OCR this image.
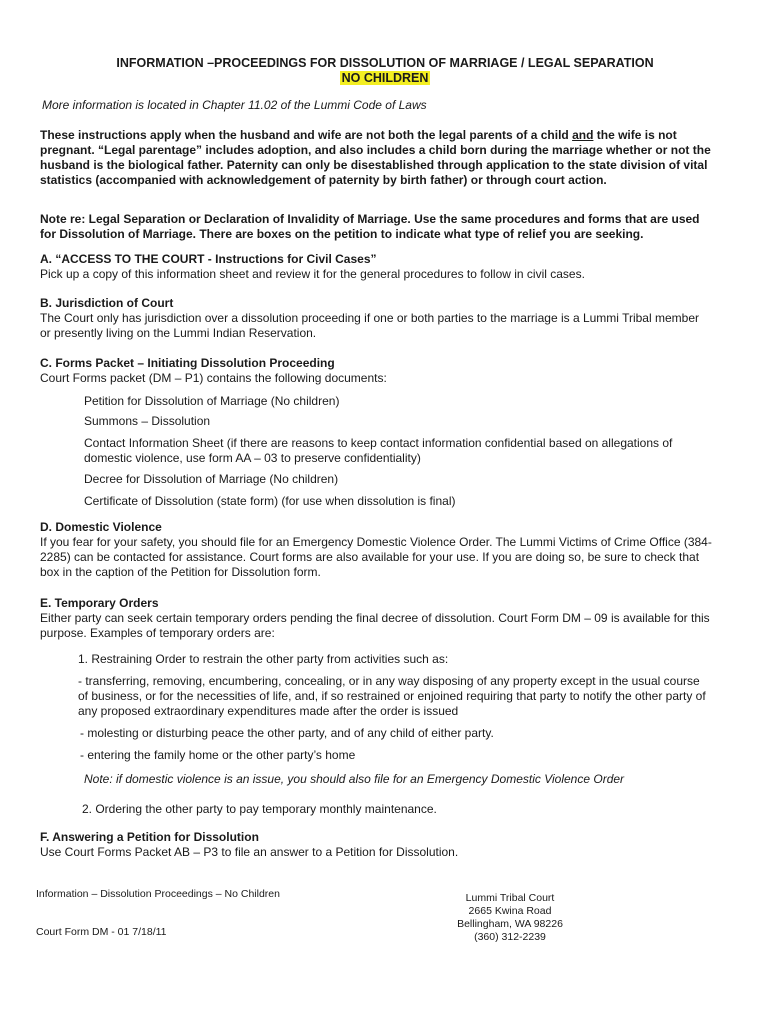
INFORMATION –PROCEEDINGS FOR DISSOLUTION OF MARRIAGE / LEGAL SEPARATION
NO CHILDREN
More information is located in Chapter 11.02 of the Lummi Code of Laws
These instructions apply when the husband and wife are not both the legal parents of a child and the wife is not pregnant. “Legal parentage” includes adoption, and also includes a child born during the marriage whether or not the husband is the biological father. Paternity can only be disestablished through application to the state division of vital statistics (accompanied with acknowledgement of paternity by birth father) or through court action.
Note re: Legal Separation or Declaration of Invalidity of Marriage. Use the same procedures and forms that are used for Dissolution of Marriage. There are boxes on the petition to indicate what type of relief you are seeking.
A. “ACCESS TO THE COURT - Instructions for Civil Cases”
Pick up a copy of this information sheet and review it for the general procedures to follow in civil cases.
B. Jurisdiction of Court
The Court only has jurisdiction over a dissolution proceeding if one or both parties to the marriage is a Lummi Tribal member or presently living on the Lummi Indian Reservation.
C. Forms Packet – Initiating Dissolution Proceeding
Court Forms packet (DM – P1) contains the following documents:
Petition for Dissolution of Marriage (No children)
Summons – Dissolution
Contact Information Sheet (if there are reasons to keep contact information confidential based on allegations of domestic violence, use form AA – 03 to preserve confidentiality)
Decree for Dissolution of Marriage (No children)
Certificate of Dissolution (state form) (for use when dissolution is final)
D. Domestic Violence
If you fear for your safety, you should file for an Emergency Domestic Violence Order. The Lummi Victims of Crime Office (384-2285) can be contacted for assistance. Court forms are also available for your use. If you are doing so, be sure to check that box in the caption of the Petition for Dissolution form.
E. Temporary Orders
Either party can seek certain temporary orders pending the final decree of dissolution. Court Form DM – 09 is available for this purpose. Examples of temporary orders are:
1. Restraining Order to restrain the other party from activities such as:
- transferring, removing, encumbering, concealing, or in any way disposing of any property except in the usual course of business, or for the necessities of life, and, if so restrained or enjoined requiring that party to notify the other party of any proposed extraordinary expenditures made after the order is issued
- molesting or disturbing peace the other party, and of any child of either party.
- entering the family home or the other party’s home
Note: if domestic violence is an issue, you should also file for an Emergency Domestic Violence Order
2. Ordering the other party to pay temporary monthly maintenance.
F. Answering a Petition for Dissolution
Use Court Forms Packet AB – P3 to file an answer to a Petition for Dissolution.
Information – Dissolution Proceedings – No Children
Court Form DM - 01 7/18/11
Lummi Tribal Court
2665 Kwina Road
Bellingham, WA 98226
(360) 312-2239
